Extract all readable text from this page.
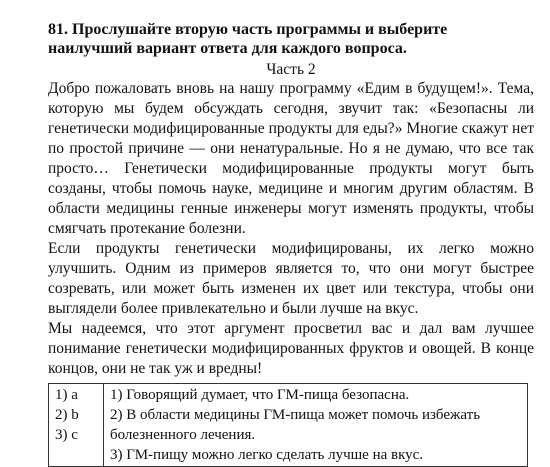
81. Прослушайте вторую часть программы и выберите наилучший вариант ответа для каждого вопроса.

Часть 2

Добро пожаловать вновь на нашу программу «Едим в будущем!». Тема, которую мы будем обсуждать сегодня, звучит так: «Безопасны ли генетически модифицированные продукты для еды?» Многие скажут нет по простой причине — они ненатуральные. Но я не думаю, что все так просто… Генетически модифицированные продукты могут быть созданы, чтобы помочь науке, медицине и многим другим областям. В области медицины генные инженеры могут изменять продукты, чтобы смягчать протекание болезни.

Если продукты генетически модифицированы, их легко можно улучшить. Одним из примеров является то, что они могут быстрее созревать, или может быть изменен их цвет или текстура, чтобы они выглядели более привлекательно и были лучше на вкус.

Мы надеемся, что этот аргумент просветил вас и дал вам лучшее понимание генетически модифицированных фруктов и овощей. В конце концов, они не так уж и вредны!

1) a
2) b
3) c

1) Говорящий думает, что ГМ-пища безопасна.
2) В области медицины ГМ-пища может помочь избежать болезненного лечения.
3) ГМ-пищу можно легко сделать лучше на вкус.
